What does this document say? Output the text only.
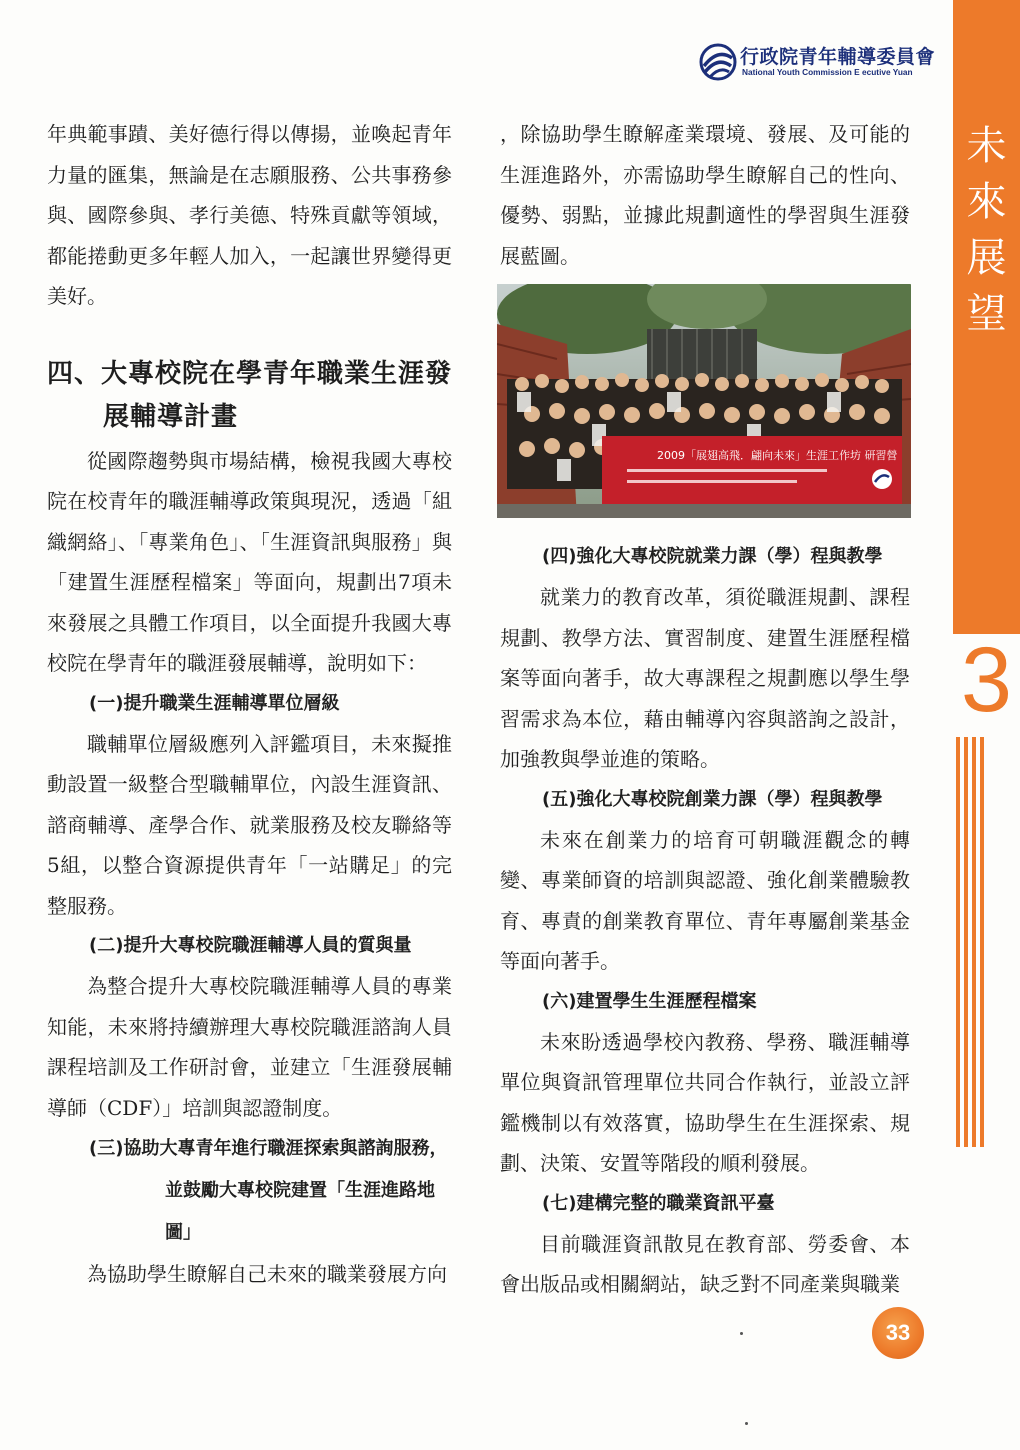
行政院青年輔導委員會
National Youth Commission E ecutive Yuan
未
來
展
望
3

年典範事蹟、美好德行得以傳揚，並喚起青年力量的匯集，無論是在志願服務、公共事務參與、國際參與、孝行美德、特殊貢獻等領域，都能捲動更多年輕人加入，一起讓世界變得更美好。

四、大專校院在學青年職業生涯發展輔導計畫

從國際趨勢與市場結構，檢視我國大專校院在校青年的職涯輔導政策與現況，透過「組織網絡」、「專業角色」、「生涯資訊與服務」與「建置生涯歷程檔案」等面向，規劃出7項未來發展之具體工作項目，以全面提升我國大專校院在學青年的職涯發展輔導，說明如下：

(一)提升職業生涯輔導單位層級

職輔單位層級應列入評鑑項目，未來擬推動設置一級整合型職輔單位，內設生涯資訊、諮商輔導、產學合作、就業服務及校友聯絡等5組，以整合資源提供青年「一站購足」的完整服務。

(二)提升大專校院職涯輔導人員的質與量

為整合提升大專校院職涯輔導人員的專業知能，未來將持續辦理大專校院職涯諮詢人員課程培訓及工作研討會，並建立「生涯發展輔導師（CDF）」培訓與認證制度。

(三)協助大專青年進行職涯探索與諮詢服務，並鼓勵大專校院建置「生涯進路地圖」

為協助學生瞭解自己未來的職業發展方向

，除協助學生瞭解產業環境、發展、及可能的生涯進路外，亦需協助學生瞭解自己的性向、優勢、弱點，並據此規劃適性的學習與生涯發展藍圖。

2009「展翅高飛．翩向未來」生涯工作坊 研習營
(四)強化大專校院就業力課（學）程與教學

就業力的教育改革，須從職涯規劃、課程規劃、教學方法、實習制度、建置生涯歷程檔案等面向著手，故大專課程之規劃應以學生學習需求為本位，藉由輔導內容與諮詢之設計，加強教與學並進的策略。

(五)強化大專校院創業力課（學）程與教學

未來在創業力的培育可朝職涯觀念的轉變、專業師資的培訓與認證、強化創業體驗教育、專責的創業教育單位、青年專屬創業基金等面向著手。

(六)建置學生生涯歷程檔案

未來盼透過學校內教務、學務、職涯輔導單位與資訊管理單位共同合作執行，並設立評鑑機制以有效落實，協助學生在生涯探索、規劃、決策、安置等階段的順利發展。

(七)建構完整的職業資訊平臺

目前職涯資訊散見在教育部、勞委會、本會出版品或相關網站，缺乏對不同產業與職業

33
